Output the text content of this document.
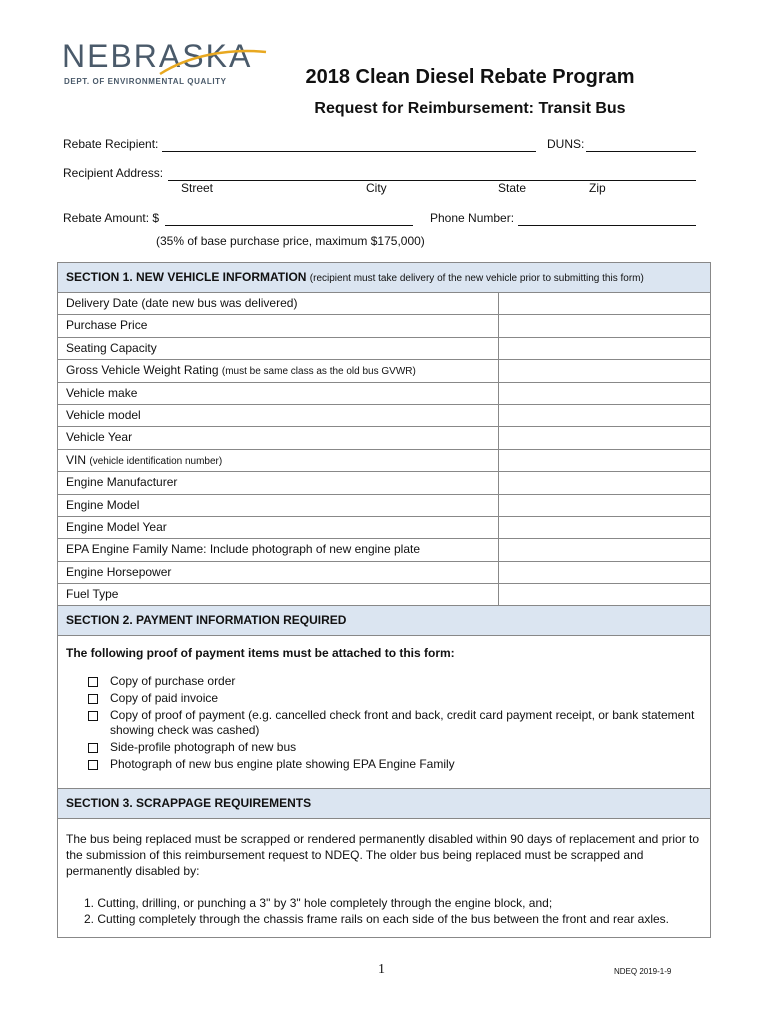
NEBRASKA
DEPT. OF ENVIRONMENTAL QUALITY	2018 Clean Diesel Rebate Program
Request for Reimbursement: Transit Bus
Rebate Recipient:	DUNS:
Recipient Address:
Street	City	State	Zip
Rebate Amount: $	Phone Number:
(35% of base purchase price, maximum $175,000)
SECTION 1. NEW VEHICLE INFORMATION (recipient must take delivery of the new vehicle prior to submitting this form)
Delivery Date (date new bus was delivered)
Purchase Price
Seating Capacity
Gross Vehicle Weight Rating (must be same class as the old bus GVWR)
Vehicle make
Vehicle model
Vehicle Year
VIN (vehicle identification number)
Engine Manufacturer
Engine Model
Engine Model Year
EPA Engine Family Name: Include photograph of new engine plate
Engine Horsepower
Fuel Type
SECTION 2. PAYMENT INFORMATION REQUIRED

The following proof of payment items must be attached to this form:

Copy of purchase order
Copy of paid invoice
Copy of proof of payment (e.g. cancelled check front and back, credit card payment receipt, or bank statement showing check was cashed)
Side-profile photograph of new bus
Photograph of new bus engine plate showing EPA Engine Family
SECTION 3. SCRAPPAGE REQUIREMENTS

The bus being replaced must be scrapped or rendered permanently disabled within 90 days of replacement and prior to the submission of this reimbursement request to NDEQ. The older bus being replaced must be scrapped and permanently disabled by:

1. Cutting, drilling, or punching a 3" by 3" hole completely through the engine block, and;
2. Cutting completely through the chassis frame rails on each side of the bus between the front and rear axles.
1	NDEQ 2019-1-9
